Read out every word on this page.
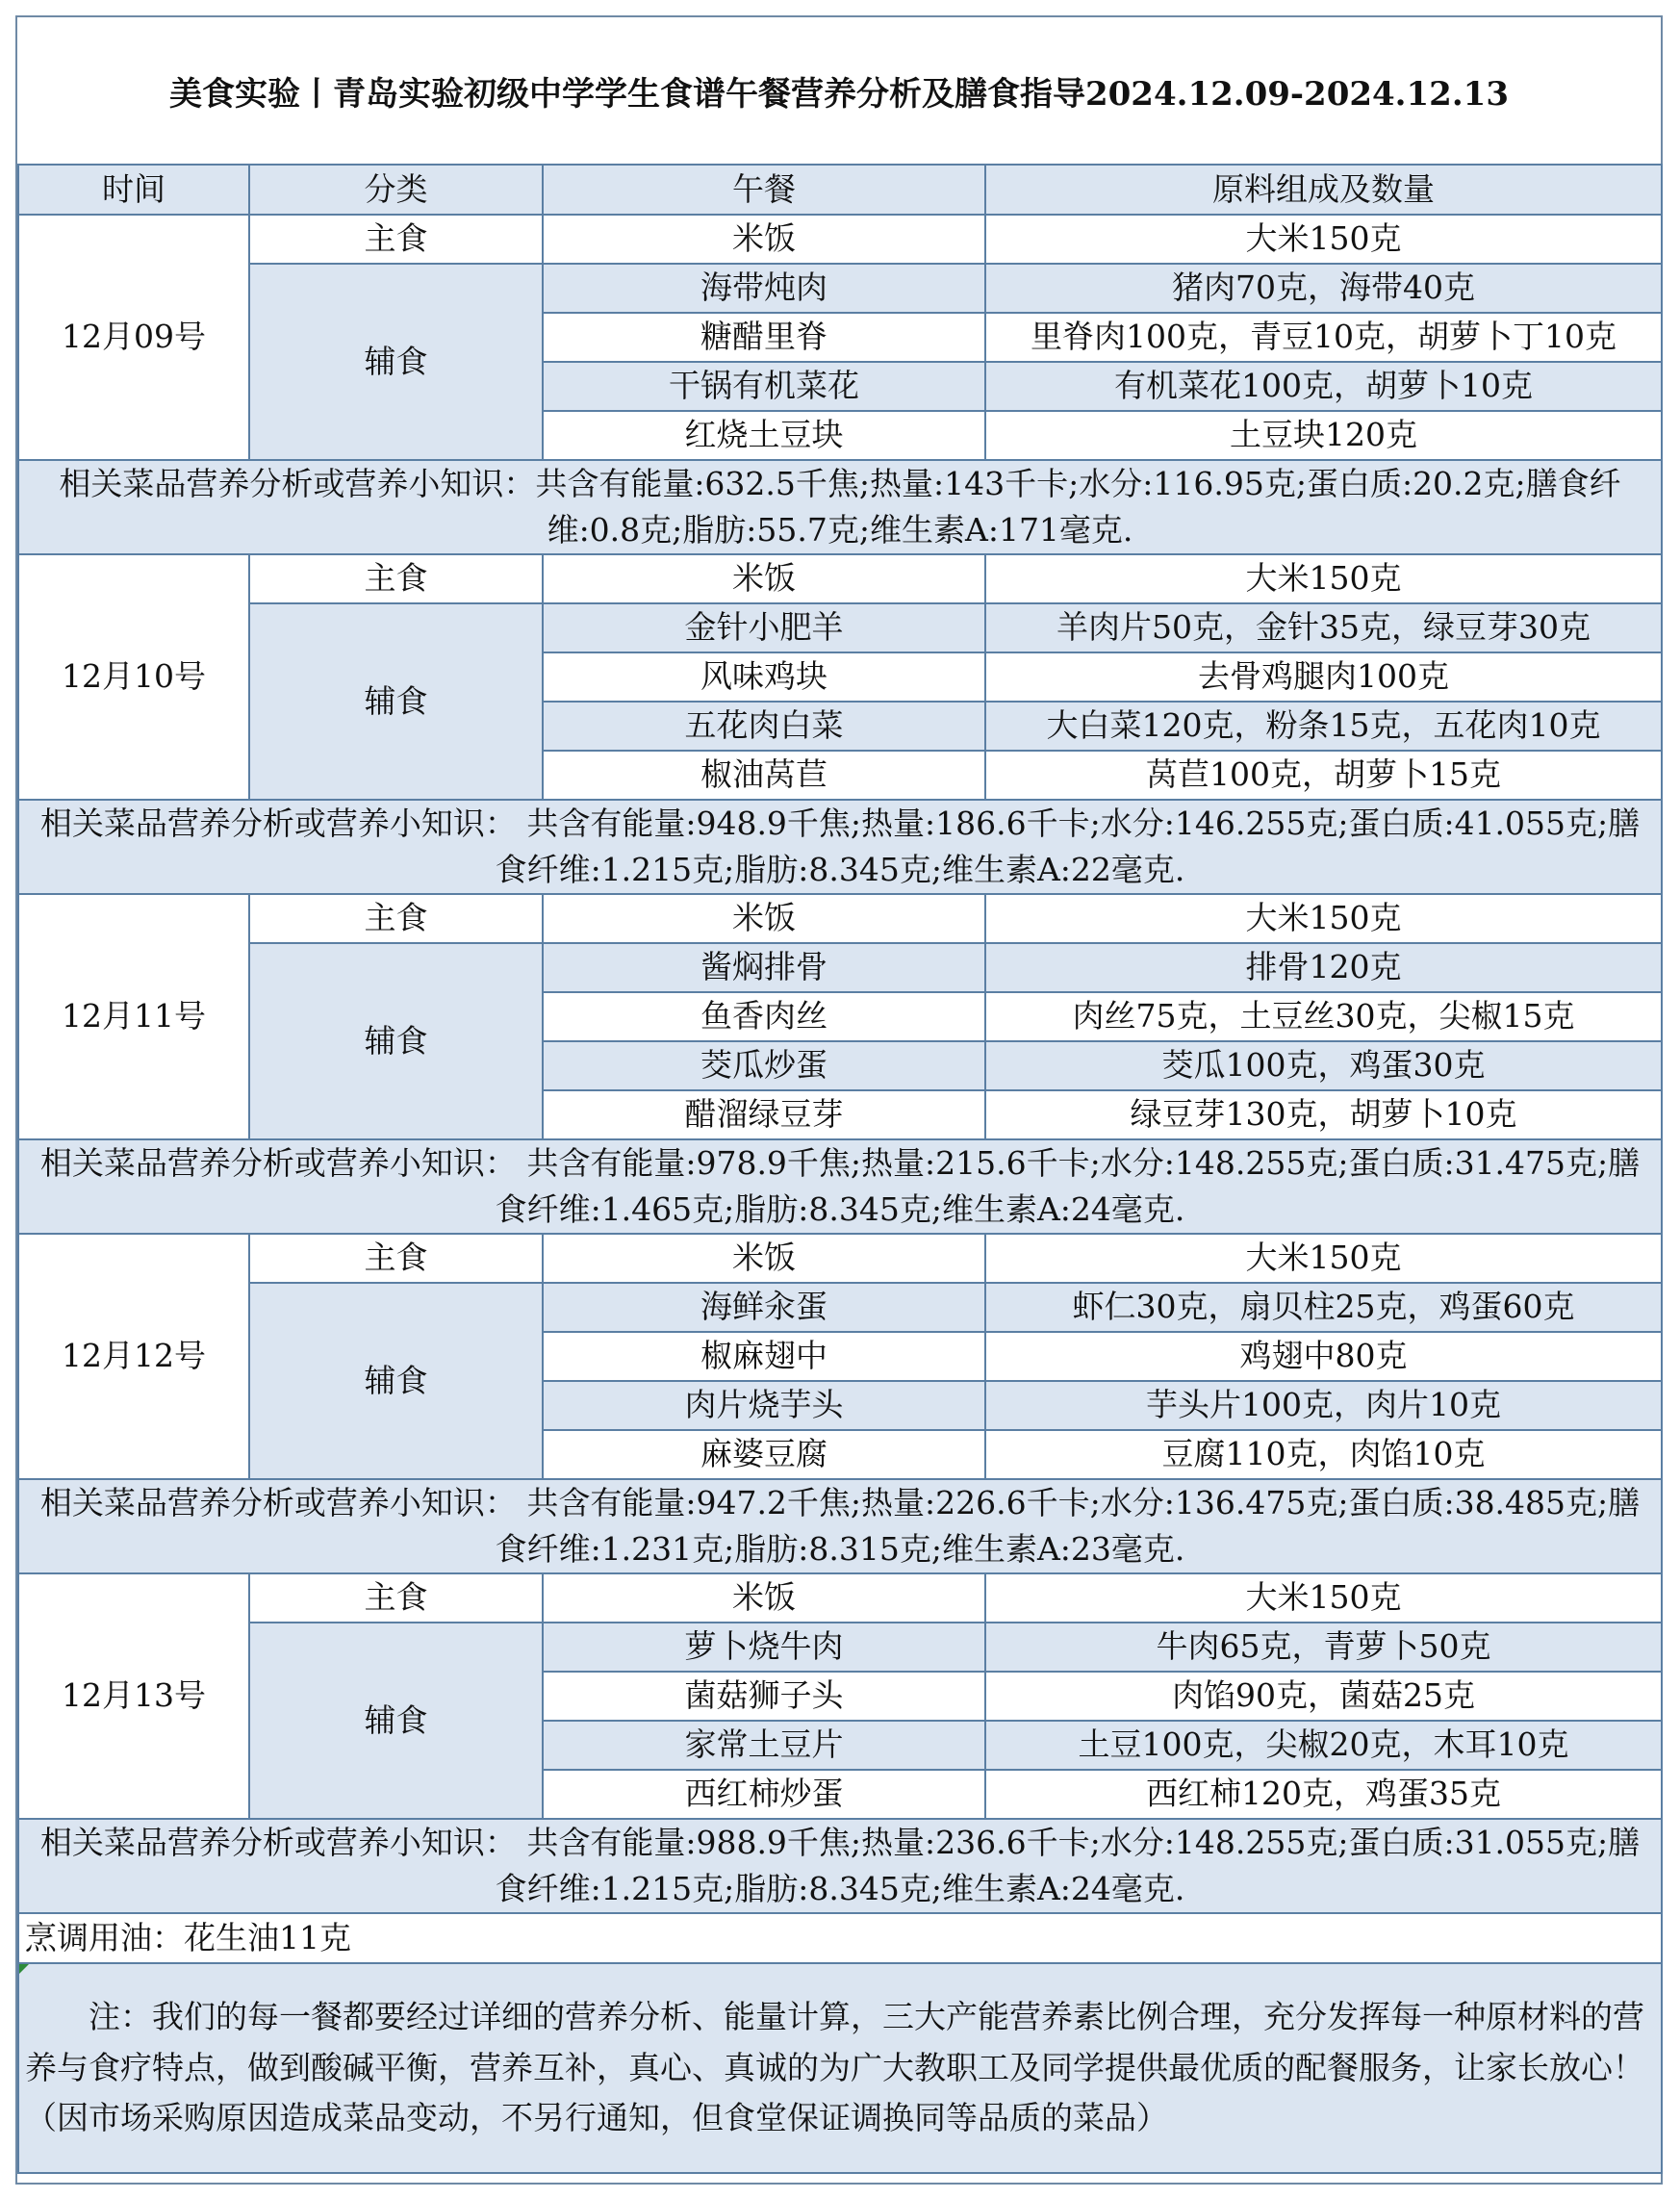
美食实验丨青岛实验初级中学学生食谱午餐营养分析及膳食指导2024.12.09-2024.12.13
时间	分类	午餐	原料组成及数量
12月09号	主食	米饭	大米150克
	辅食	海带炖肉	猪肉70克，海带40克
		糖醋里脊	里脊肉100克，青豆10克，胡萝卜丁10克
		干锅有机菜花	有机菜花100克，胡萝卜10克
		红烧土豆块	土豆块120克
相关菜品营养分析或营养小知识：共含有能量:632.5千焦;热量:143千卡;水分:116.95克;蛋白质:20.2克;膳食纤维:0.8克;脂肪:55.7克;维生素A:171毫克.			
12月10号	主食	米饭	大米150克
	辅食	金针小肥羊	羊肉片50克，金针35克，绿豆芽30克
		风味鸡块	去骨鸡腿肉100克
		五花肉白菜	大白菜120克，粉条15克，五花肉10克
		椒油莴苣	莴苣100克，胡萝卜15克
相关菜品营养分析或营养小知识： 共含有能量:948.9千焦;热量:186.6千卡;水分:146.255克;蛋白质:41.055克;膳食纤维:1.215克;脂肪:8.345克;维生素A:22毫克.			
12月11号	主食	米饭	大米150克
	辅食	酱焖排骨	排骨120克
		鱼香肉丝	肉丝75克，土豆丝30克，尖椒15克
		茭瓜炒蛋	茭瓜100克，鸡蛋30克
		醋溜绿豆芽	绿豆芽130克，胡萝卜10克
相关菜品营养分析或营养小知识： 共含有能量:978.9千焦;热量:215.6千卡;水分:148.255克;蛋白质:31.475克;膳食纤维:1.465克;脂肪:8.345克;维生素A:24毫克.			
12月12号	主食	米饭	大米150克
	辅食	海鲜汆蛋	虾仁30克，扇贝柱25克，鸡蛋60克
		椒麻翅中	鸡翅中80克
		肉片烧芋头	芋头片100克，肉片10克
		麻婆豆腐	豆腐110克，肉馅10克
相关菜品营养分析或营养小知识： 共含有能量:947.2千焦;热量:226.6千卡;水分:136.475克;蛋白质:38.485克;膳食纤维:1.231克;脂肪:8.315克;维生素A:23毫克.			
12月13号	主食	米饭	大米150克
	辅食	萝卜烧牛肉	牛肉65克，青萝卜50克
		菌菇狮子头	肉馅90克，菌菇25克
		家常土豆片	土豆100克，尖椒20克，木耳10克
		西红柿炒蛋	西红柿120克，鸡蛋35克
相关菜品营养分析或营养小知识： 共含有能量:988.9千焦;热量:236.6千卡;水分:148.255克;蛋白质:31.055克;膳食纤维:1.215克;脂肪:8.345克;维生素A:24毫克.			
烹调用油：花生油11克			

注：我们的每一餐都要经过详细的营养分析、能量计算，三大产能营养素比例合理，充分发挥每一种原材料的营养与食疗特点，做到酸碱平衡，营养互补，真心、真诚的为广大教职工及同学提供最优质的配餐服务，让家长放心！（因市场采购原因造成菜品变动，不另行通知，但食堂保证调换同等品质的菜品）			
